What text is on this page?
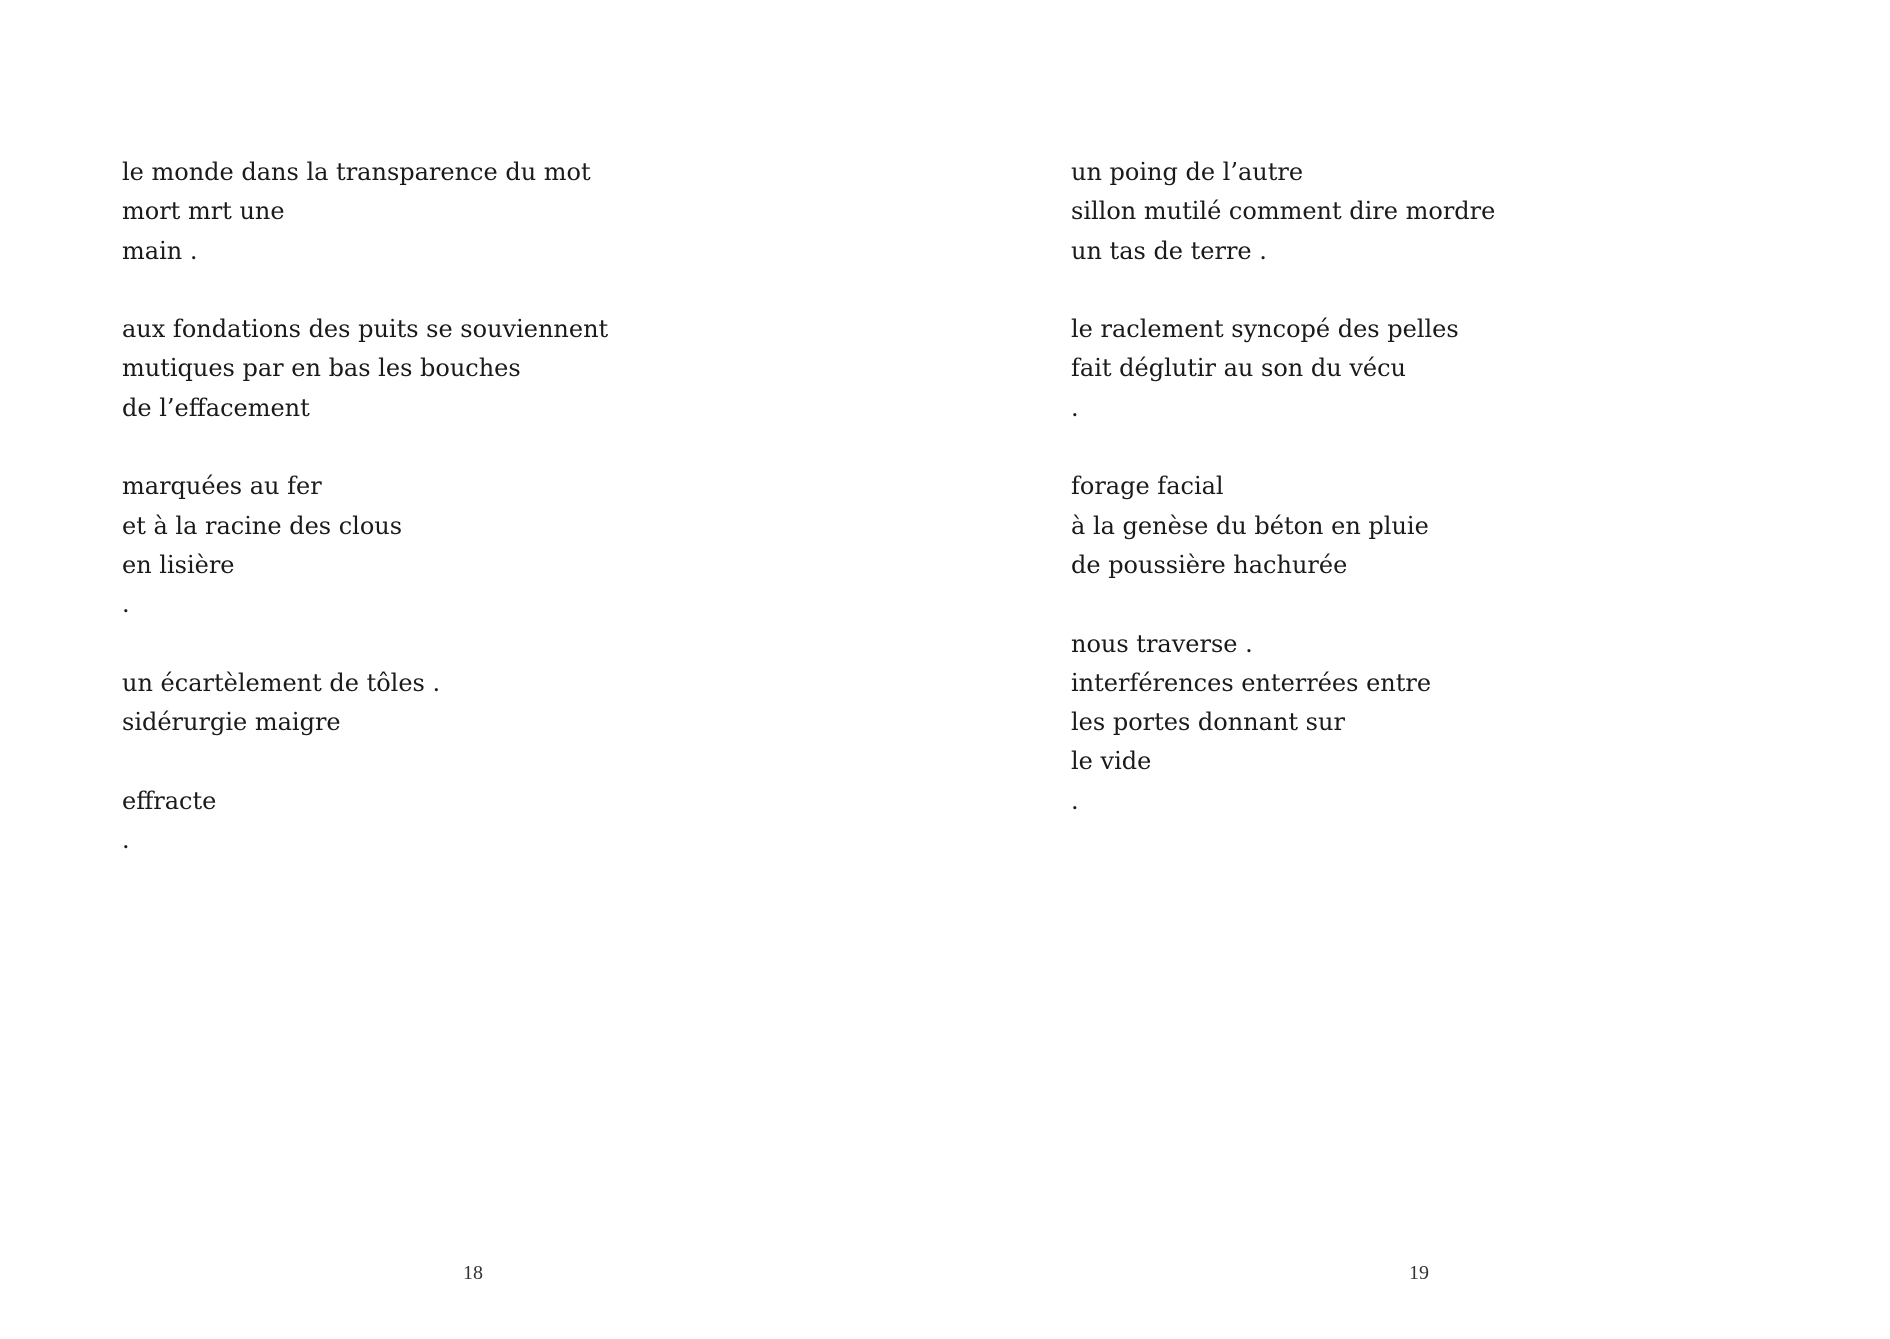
le monde dans la transparence du mot
mort mrt une
main .
aux fondations des puits se souviennent
mutiques par en bas les bouches
de l’effacement
marquées au fer
et à la racine des clous
en lisière
.
un écartèlement de tôles .
sidérurgie maigre
effracte
.
18
un poing de l’autre
sillon mutilé comment dire mordre
un tas de terre .
le raclement syncopé des pelles
fait déglutir au son du vécu
.
forage facial
à la genèse du béton en pluie
de poussière hachurée
nous traverse .
interférences enterrées entre
les portes donnant sur
le vide
.
19
